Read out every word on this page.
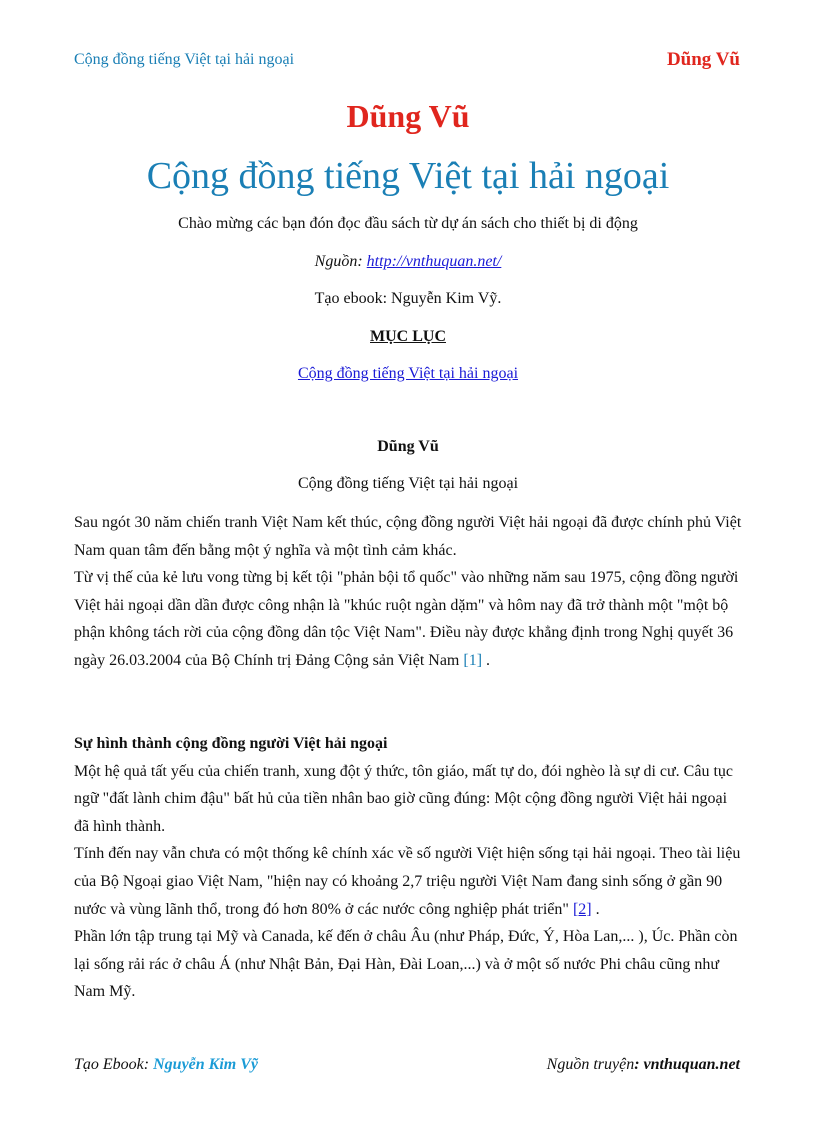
Cộng đồng tiếng Việt tại hải ngoại	Dũng Vũ
Dũng Vũ
Cộng đồng tiếng Việt tại hải ngoại
Chào mừng các bạn đón đọc đầu sách từ dự án sách cho thiết bị di động
Nguồn: http://vnthuquan.net/
Tạo ebook: Nguyễn Kim Vỹ.
MỤC LỤC
Cộng đồng tiếng Việt tại hải ngoại
Dũng Vũ
Cộng đồng tiếng Việt tại hải ngoại

Sau ngót 30 năm chiến tranh Việt Nam kết thúc, cộng đồng người Việt hải ngoại đã được chính phủ Việt Nam quan tâm đến bằng một ý nghĩa và một tình cảm khác.

Từ vị thế của kẻ lưu vong từng bị kết tội "phản bội tổ quốc" vào những năm sau 1975, cộng đồng người Việt hải ngoại dần dần được công nhận là "khúc ruột ngàn dặm" và hôm nay đã trở thành một "một bộ phận không tách rời của cộng đồng dân tộc Việt Nam". Điều này được khẳng định trong Nghị quyết 36 ngày 26.03.2004 của Bộ Chính trị Đảng Cộng sản Việt Nam [1] .

Sự hình thành cộng đồng người Việt hải ngoại

Một hệ quả tất yếu của chiến tranh, xung đột ý thức, tôn giáo, mất tự do, đói nghèo là sự di cư. Câu tục ngữ "đất lành chim đậu" bất hủ của tiền nhân bao giờ cũng đúng: Một cộng đồng người Việt hải ngoại đã hình thành.

Tính đến nay vẫn chưa có một thống kê chính xác về số người Việt hiện sống tại hải ngoại. Theo tài liệu của Bộ Ngoại giao Việt Nam, "hiện nay có khoảng 2,7 triệu người Việt Nam đang sinh sống ở gần 90 nước và vùng lãnh thổ, trong đó hơn 80% ở các nước công nghiệp phát triển" [2] .

Phần lớn tập trung tại Mỹ và Canada, kế đến ở châu Âu (như Pháp, Đức, Ý, Hòa Lan,... ), Úc. Phần còn lại sống rải rác ở châu Á (như Nhật Bản, Đại Hàn, Đài Loan,...) và ở một số nước Phi châu cũng như Nam Mỹ.

Tạo Ebook: Nguyễn Kim Vỹ	Nguồn truyện: vnthuquan.net
